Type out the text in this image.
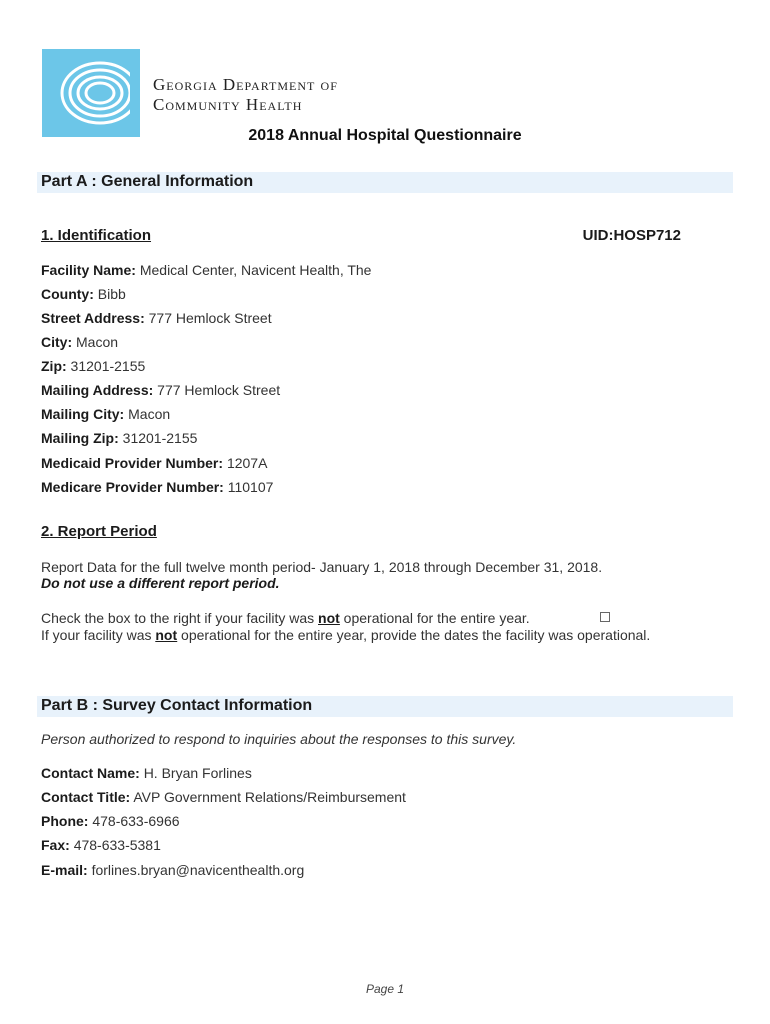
Georgia Department of
Community Health
2018 Annual Hospital Questionnaire
Part A : General Information
1. Identification	UID:HOSP712
Facility Name: Medical Center, Navicent Health, The
County: Bibb
Street Address: 777 Hemlock Street
City: Macon
Zip: 31201-2155
Mailing Address: 777 Hemlock Street
Mailing City: Macon
Mailing Zip: 31201-2155
Medicaid Provider Number: 1207A
Medicare Provider Number: 110107
2. Report Period
Report Data for the full twelve month period- January 1, 2018 through December 31, 2018.
Do not use a different report period.
Check the box to the right if your facility was not operational for the entire year.
If your facility was not operational for the entire year, provide the dates the facility was operational.
Part B : Survey Contact Information
Person authorized to respond to inquiries about the responses to this survey.
Contact Name: H. Bryan Forlines
Contact Title: AVP Government Relations/Reimbursement
Phone: 478-633-6966
Fax: 478-633-5381
E-mail: forlines.bryan@navicenthealth.org
Page 1
